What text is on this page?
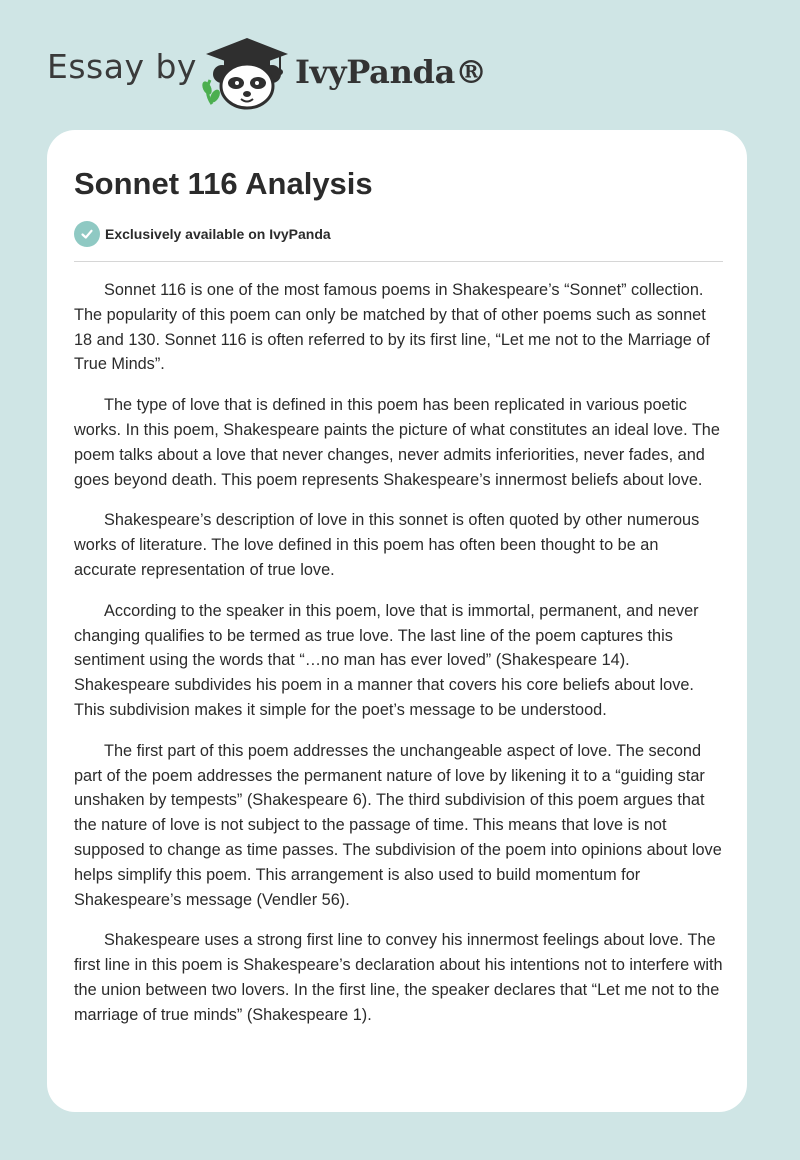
Essay by	IvyPanda®
Sonnet 116 Analysis
Exclusively available on IvyPanda

Sonnet 116 is one of the most famous poems in Shakespeare’s “Sonnet” collection. The popularity of this poem can only be matched by that of other poems such as sonnet 18 and 130. Sonnet 116 is often referred to by its first line, “Let me not to the Marriage of True Minds”.

The type of love that is defined in this poem has been replicated in various poetic works. In this poem, Shakespeare paints the picture of what constitutes an ideal love. The poem talks about a love that never changes, never admits inferiorities, never fades, and goes beyond death. This poem represents Shakespeare’s innermost beliefs about love.

Shakespeare’s description of love in this sonnet is often quoted by other numerous works of literature. The love defined in this poem has often been thought to be an accurate representation of true love.

According to the speaker in this poem, love that is immortal, permanent, and never changing qualifies to be termed as true love. The last line of the poem captures this sentiment using the words that “…no man has ever loved” (Shakespeare 14). Shakespeare subdivides his poem in a manner that covers his core beliefs about love. This subdivision makes it simple for the poet’s message to be understood.

The first part of this poem addresses the unchangeable aspect of love. The second part of the poem addresses the permanent nature of love by likening it to a “guiding star unshaken by tempests” (Shakespeare 6). The third subdivision of this poem argues that the nature of love is not subject to the passage of time. This means that love is not supposed to change as time passes. The subdivision of the poem into opinions about love helps simplify this poem. This arrangement is also used to build momentum for Shakespeare’s message (Vendler 56).

Shakespeare uses a strong first line to convey his innermost feelings about love. The first line in this poem is Shakespeare’s declaration about his intentions not to interfere with the union between two lovers. In the first line, the speaker declares that “Let me not to the marriage of true minds” (Shakespeare 1).
